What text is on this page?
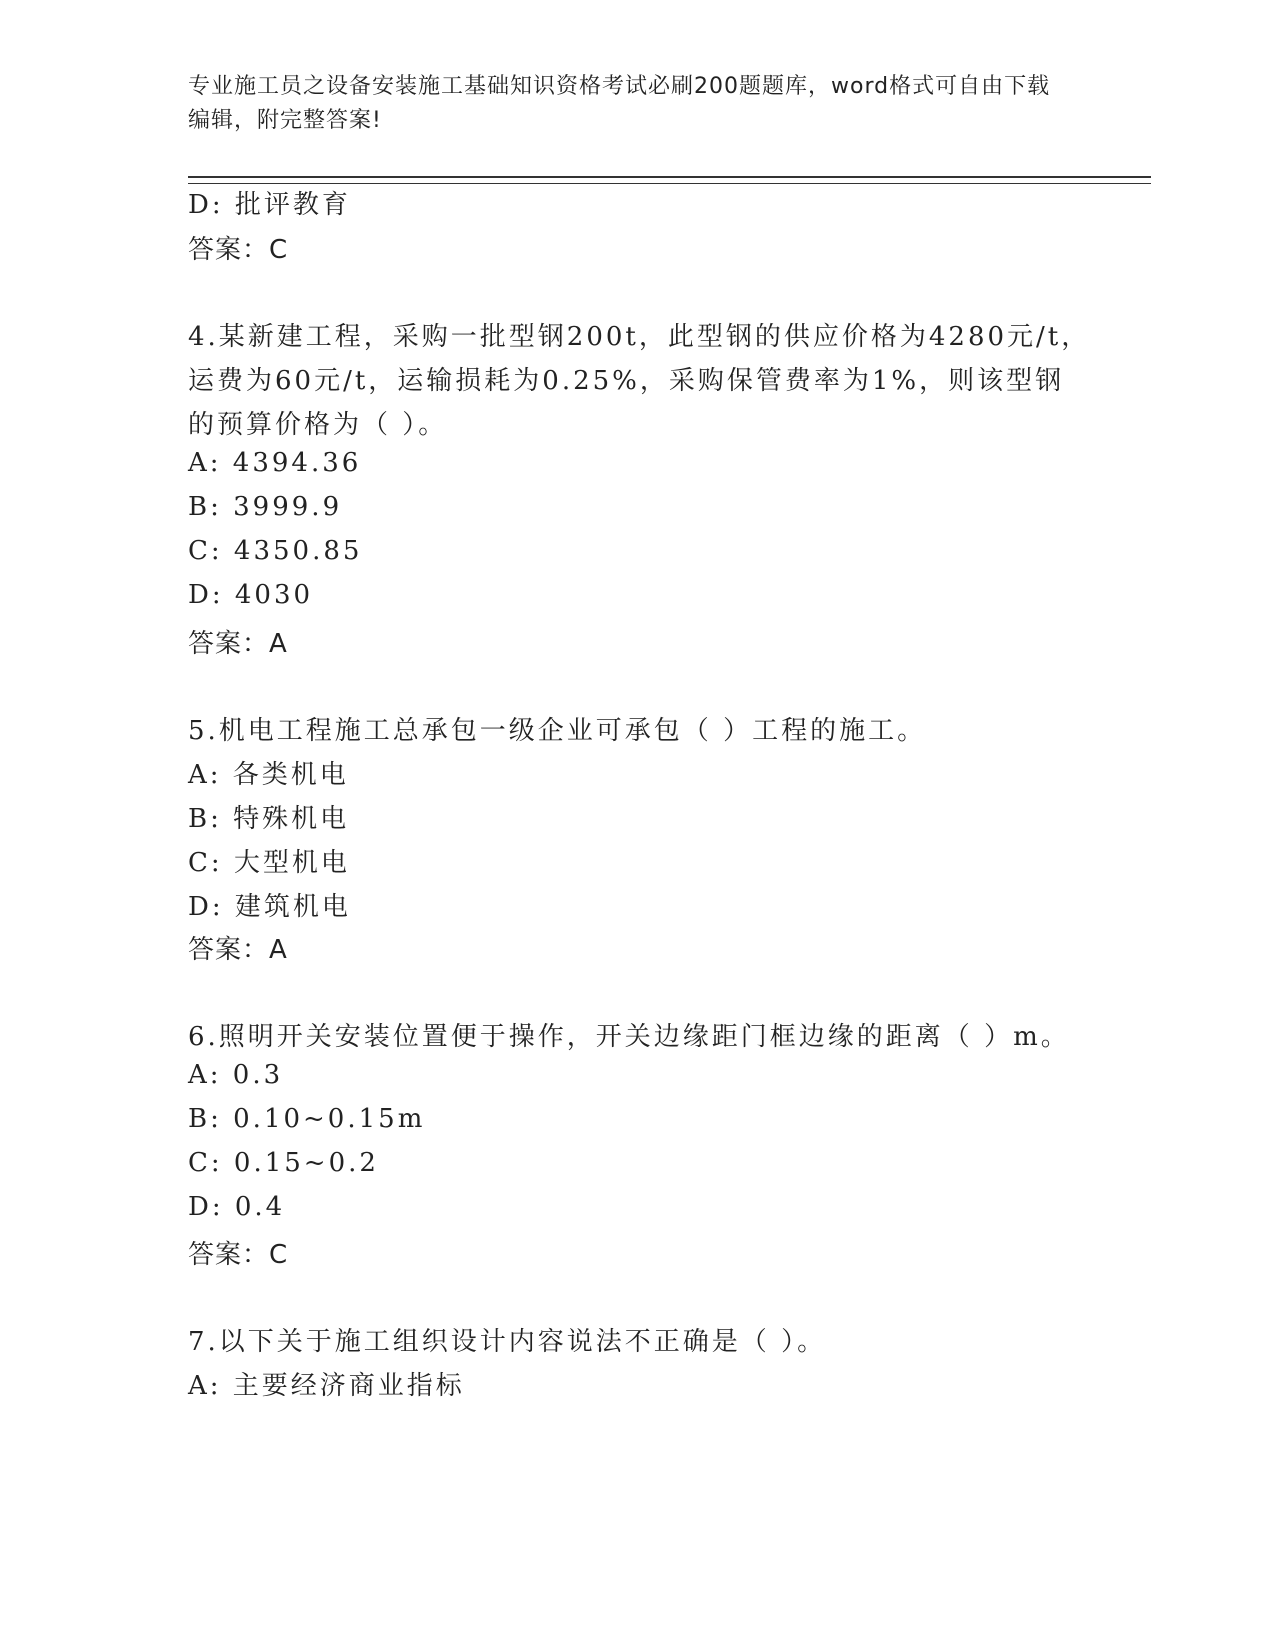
专业施工员之设备安装施工基础知识资格考试必刷200题题库，word格式可自由下载编辑，附完整答案!
D: 批评教育
答案：C
4.某新建工程，采购一批型钢200t，此型钢的供应价格为4280元/t，
运费为60元/t，运输损耗为0.25%，采购保管费率为1%，则该型钢
的预算价格为（ ）。
A: 4394.36
B: 3999.9
C: 4350.85
D: 4030
答案：A
5.机电工程施工总承包一级企业可承包（ ）工程的施工。
A: 各类机电
B: 特殊机电
C: 大型机电
D: 建筑机电
答案：A
6.照明开关安装位置便于操作，开关边缘距门框边缘的距离（ ）m。
A: 0.3
B: 0.10~0.15m
C: 0.15~0.2
D: 0.4
答案：C
7.以下关于施工组织设计内容说法不正确是（ ）。
A: 主要经济商业指标
